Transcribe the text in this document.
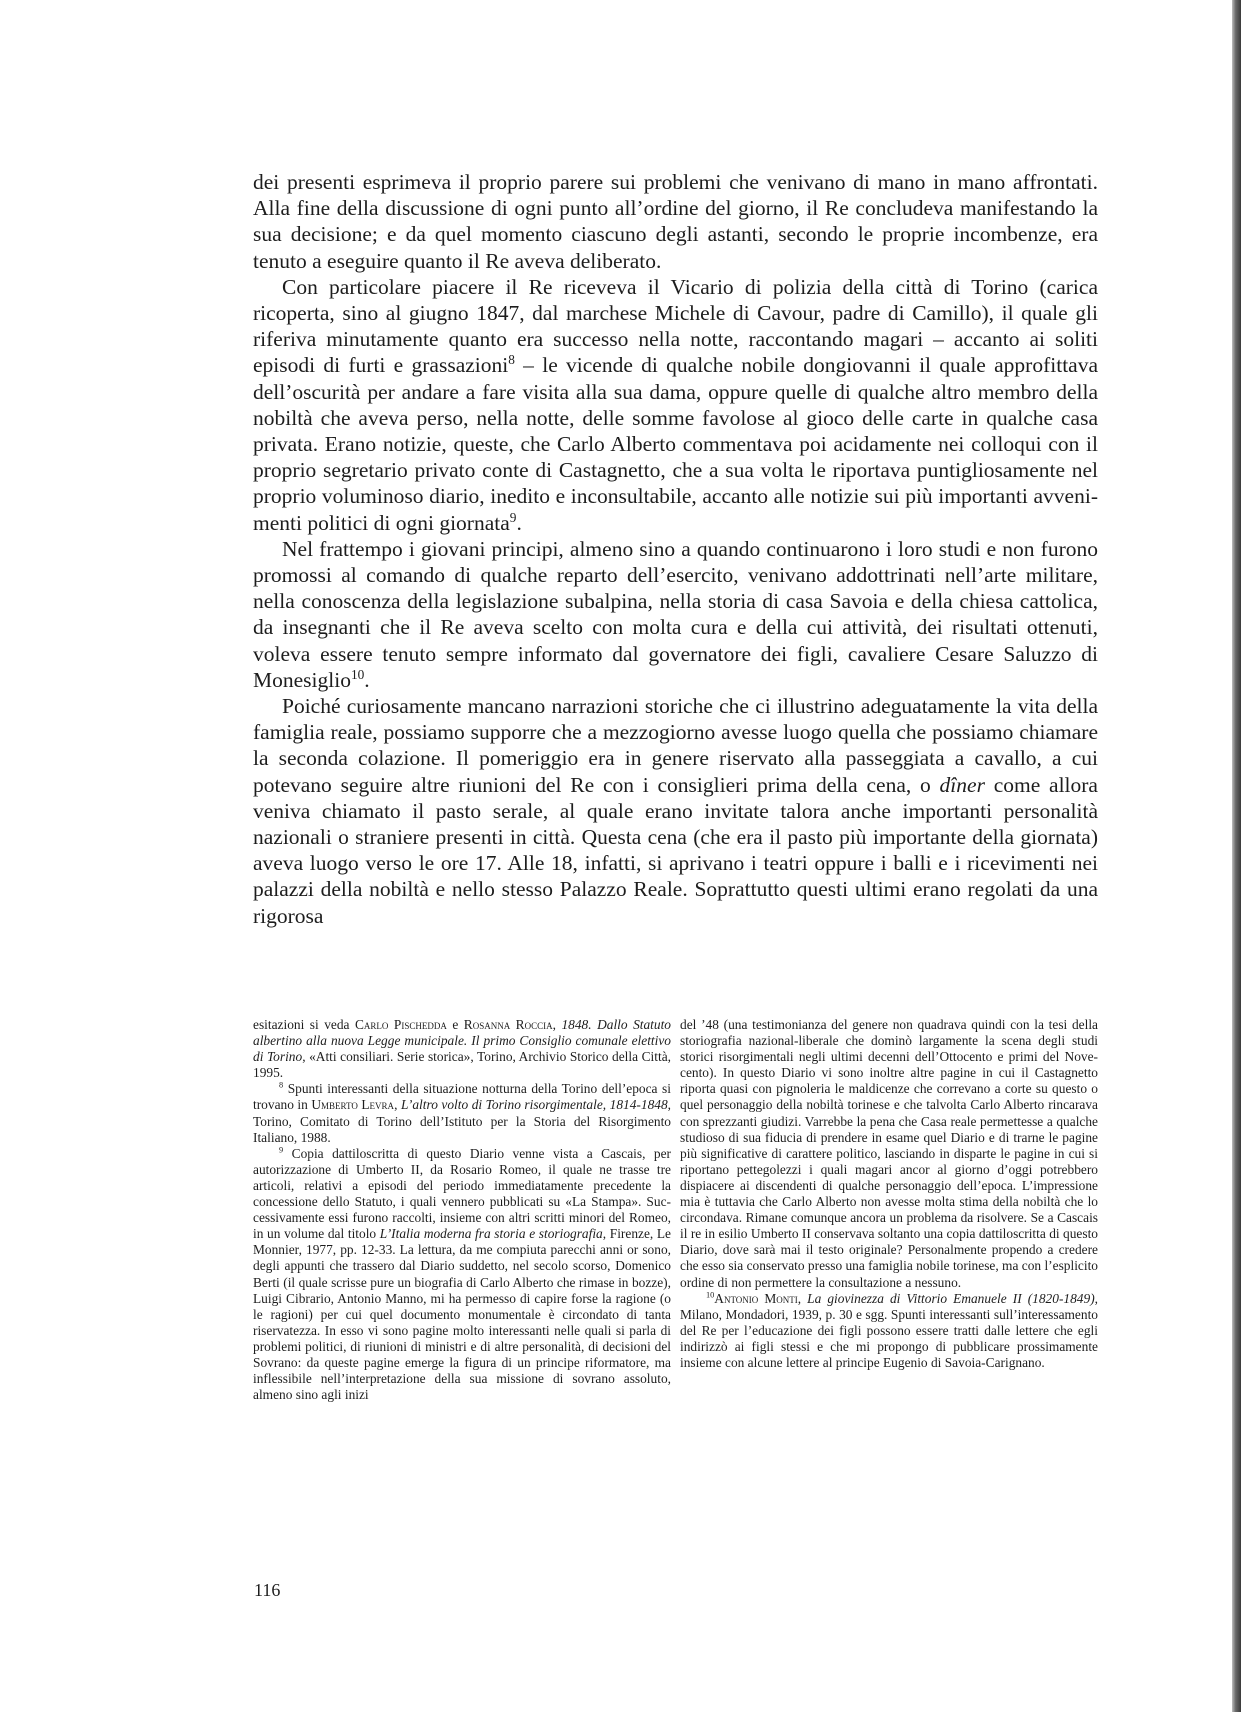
dei presenti esprimeva il proprio parere sui problemi che venivano di mano in mano affrontati. Alla fine della discussione di ogni punto all’ordine del giorno, il Re concludeva manifestando la sua decisione; e da quel momento ciascuno degli astanti, secondo le proprie incombenze, era tenuto a eseguire quanto il Re aveva deliberato.

Con particolare piacere il Re riceveva il Vicario di polizia della città di Torino (carica ricoperta, sino al giugno 1847, dal marchese Michele di Cavour, padre di Camillo), il quale gli riferiva minutamente quanto era successo nella notte, raccontando magari – accanto ai soliti episodi di furti e grassazioni$^8$ – le vicende di qualche nobile dongiovanni il quale approfittava dell’oscurità per andare a fare visita alla sua dama, oppure quelle di qualche altro membro della nobiltà che aveva perso, nella notte, delle somme favolose al gioco delle carte in qualche casa privata. Erano notizie, queste, che Carlo Alberto commentava poi acidamente nei colloqui con il proprio segretario privato conte di Castagnetto, che a sua volta le riportava puntigliosamente nel proprio voluminoso diario, inedito e inconsultabile, accanto alle notizie sui più importanti avvenimenti politici di ogni giornata$^9$.

Nel frattempo i giovani principi, almeno sino a quando continuarono i loro studi e non furono promossi al comando di qualche reparto dell’esercito, venivano addottrinati nell’arte militare, nella conoscenza della legislazione subalpina, nella storia di casa Savoia e della chiesa cattolica, da insegnanti che il Re aveva scelto con molta cura e della cui attività, dei risultati ottenuti, voleva essere tenuto sempre informato dal governatore dei figli, cavaliere Cesare Saluzzo di Monesiglio$^{10}$.

Poiché curiosamente mancano narrazioni storiche che ci illustrino adeguatamente la vita della famiglia reale, possiamo supporre che a mezzogiorno avesse luogo quella che possiamo chiamare la seconda colazione. Il pomeriggio era in genere riservato alla passeggiata a cavallo, a cui potevano seguire altre riunioni del Re con i consiglieri prima della cena, o dîner come allora veniva chiamato il pasto serale, al quale erano invitate talora anche importanti personalità nazionali o straniere presenti in città. Questa cena (che era il pasto più importante della giornata) aveva luogo verso le ore 17. Alle 18, infatti, si aprivano i teatri oppure i balli e i ricevimenti nei palazzi della nobiltà e nello stesso Palazzo Reale. Soprattutto questi ultimi erano regolati da una rigorosa

esitazioni si veda Carlo Pischedda e Rosanna Roccia, 1848. Dallo Statuto albertino alla nuova Legge municipale. Il primo Consiglio comunale elettivo di Torino, «Atti consiliari. Serie storica», Torino, Archivio Storico della Città, 1995.

$^8$ Spunti interessanti della situazione notturna della Torino dell’epoca si trovano in Umberto Levra, L’altro volto di Torino risorgimentale, 1814-1848, Torino, Comitato di Torino dell’Istituto per la Storia del Risorgimento Italiano, 1988.

$^9$ Copia dattiloscritta di questo Diario venne vista a Cascais, per autorizzazione di Umberto II, da Rosario Romeo, il quale ne trasse tre articoli, relativi a episodi del periodo immediatamente precedente la concessione dello Statuto, i quali vennero pubblicati su «La Stampa». Successivamente essi furono raccolti, insieme con altri scritti minori del Romeo, in un volume dal titolo L’Italia moderna fra storia e storiografia, Firenze, Le Monnier, 1977, pp. 12-33. La lettura, da me compiuta parecchi anni or sono, degli appunti che trassero dal Diario suddetto, nel secolo scorso, Domenico Berti (il quale scrisse pure un biografia di Carlo Alberto che rimase in bozze), Luigi Cibrario, Antonio Manno, mi ha permesso di capire forse la ragione (o le ragioni) per cui quel documento monumentale è circondato di tanta riservatezza. In esso vi sono pagine molto interessanti nelle quali si parla di problemi politici, di riunioni di ministri e di altre personalità, di decisioni del Sovrano: da queste pagine emerge la figura di un principe riformatore, ma inflessibile nell’interpretazione della sua missione di sovrano assoluto, almeno sino agli inizi

del ’48 (una testimonianza del genere non quadrava quindi con la tesi della storiografia nazional-liberale che dominò largamente la scena degli studi storici risorgimentali negli ultimi decenni dell’Ottocento e primi del Novecento). In questo Diario vi sono inoltre altre pagine in cui il Castagnetto riporta quasi con pignoleria le maldicenze che correvano a corte su questo o quel personaggio della nobiltà torinese e che talvolta Carlo Alberto rincarava con sprezzanti giudizi. Varrebbe la pena che Casa reale permettesse a qualche studioso di sua fiducia di prendere in esame quel Diario e di trarne le pagine più significative di carattere politico, lasciando in disparte le pagine in cui si riportano pettegolezzi i quali magari ancor al giorno d’oggi potrebbero dispiacere ai discendenti di qualche personaggio dell’epoca. L’impressione mia è tuttavia che Carlo Alberto non avesse molta stima della nobiltà che lo circondava. Rimane comunque ancora un problema da risolvere. Se a Cascais il re in esilio Umberto II conservava soltanto una copia dattiloscritta di questo Diario, dove sarà mai il testo originale? Personalmente propendo a credere che esso sia conservato presso una famiglia nobile torinese, ma con l’esplicito ordine di non permettere la consultazione a nessuno.

$^{10}$Antonio Monti, La giovinezza di Vittorio Emanuele II (1820-1849), Milano, Mondadori, 1939, p. 30 e sgg. Spunti interessanti sull’interessamento del Re per l’educazione dei figli possono essere tratti dalle lettere che egli indirizzò ai figli stessi e che mi propongo di pubblicare prossimamente insieme con alcune lettere al principe Eugenio di Savoia-Carignano.

116
